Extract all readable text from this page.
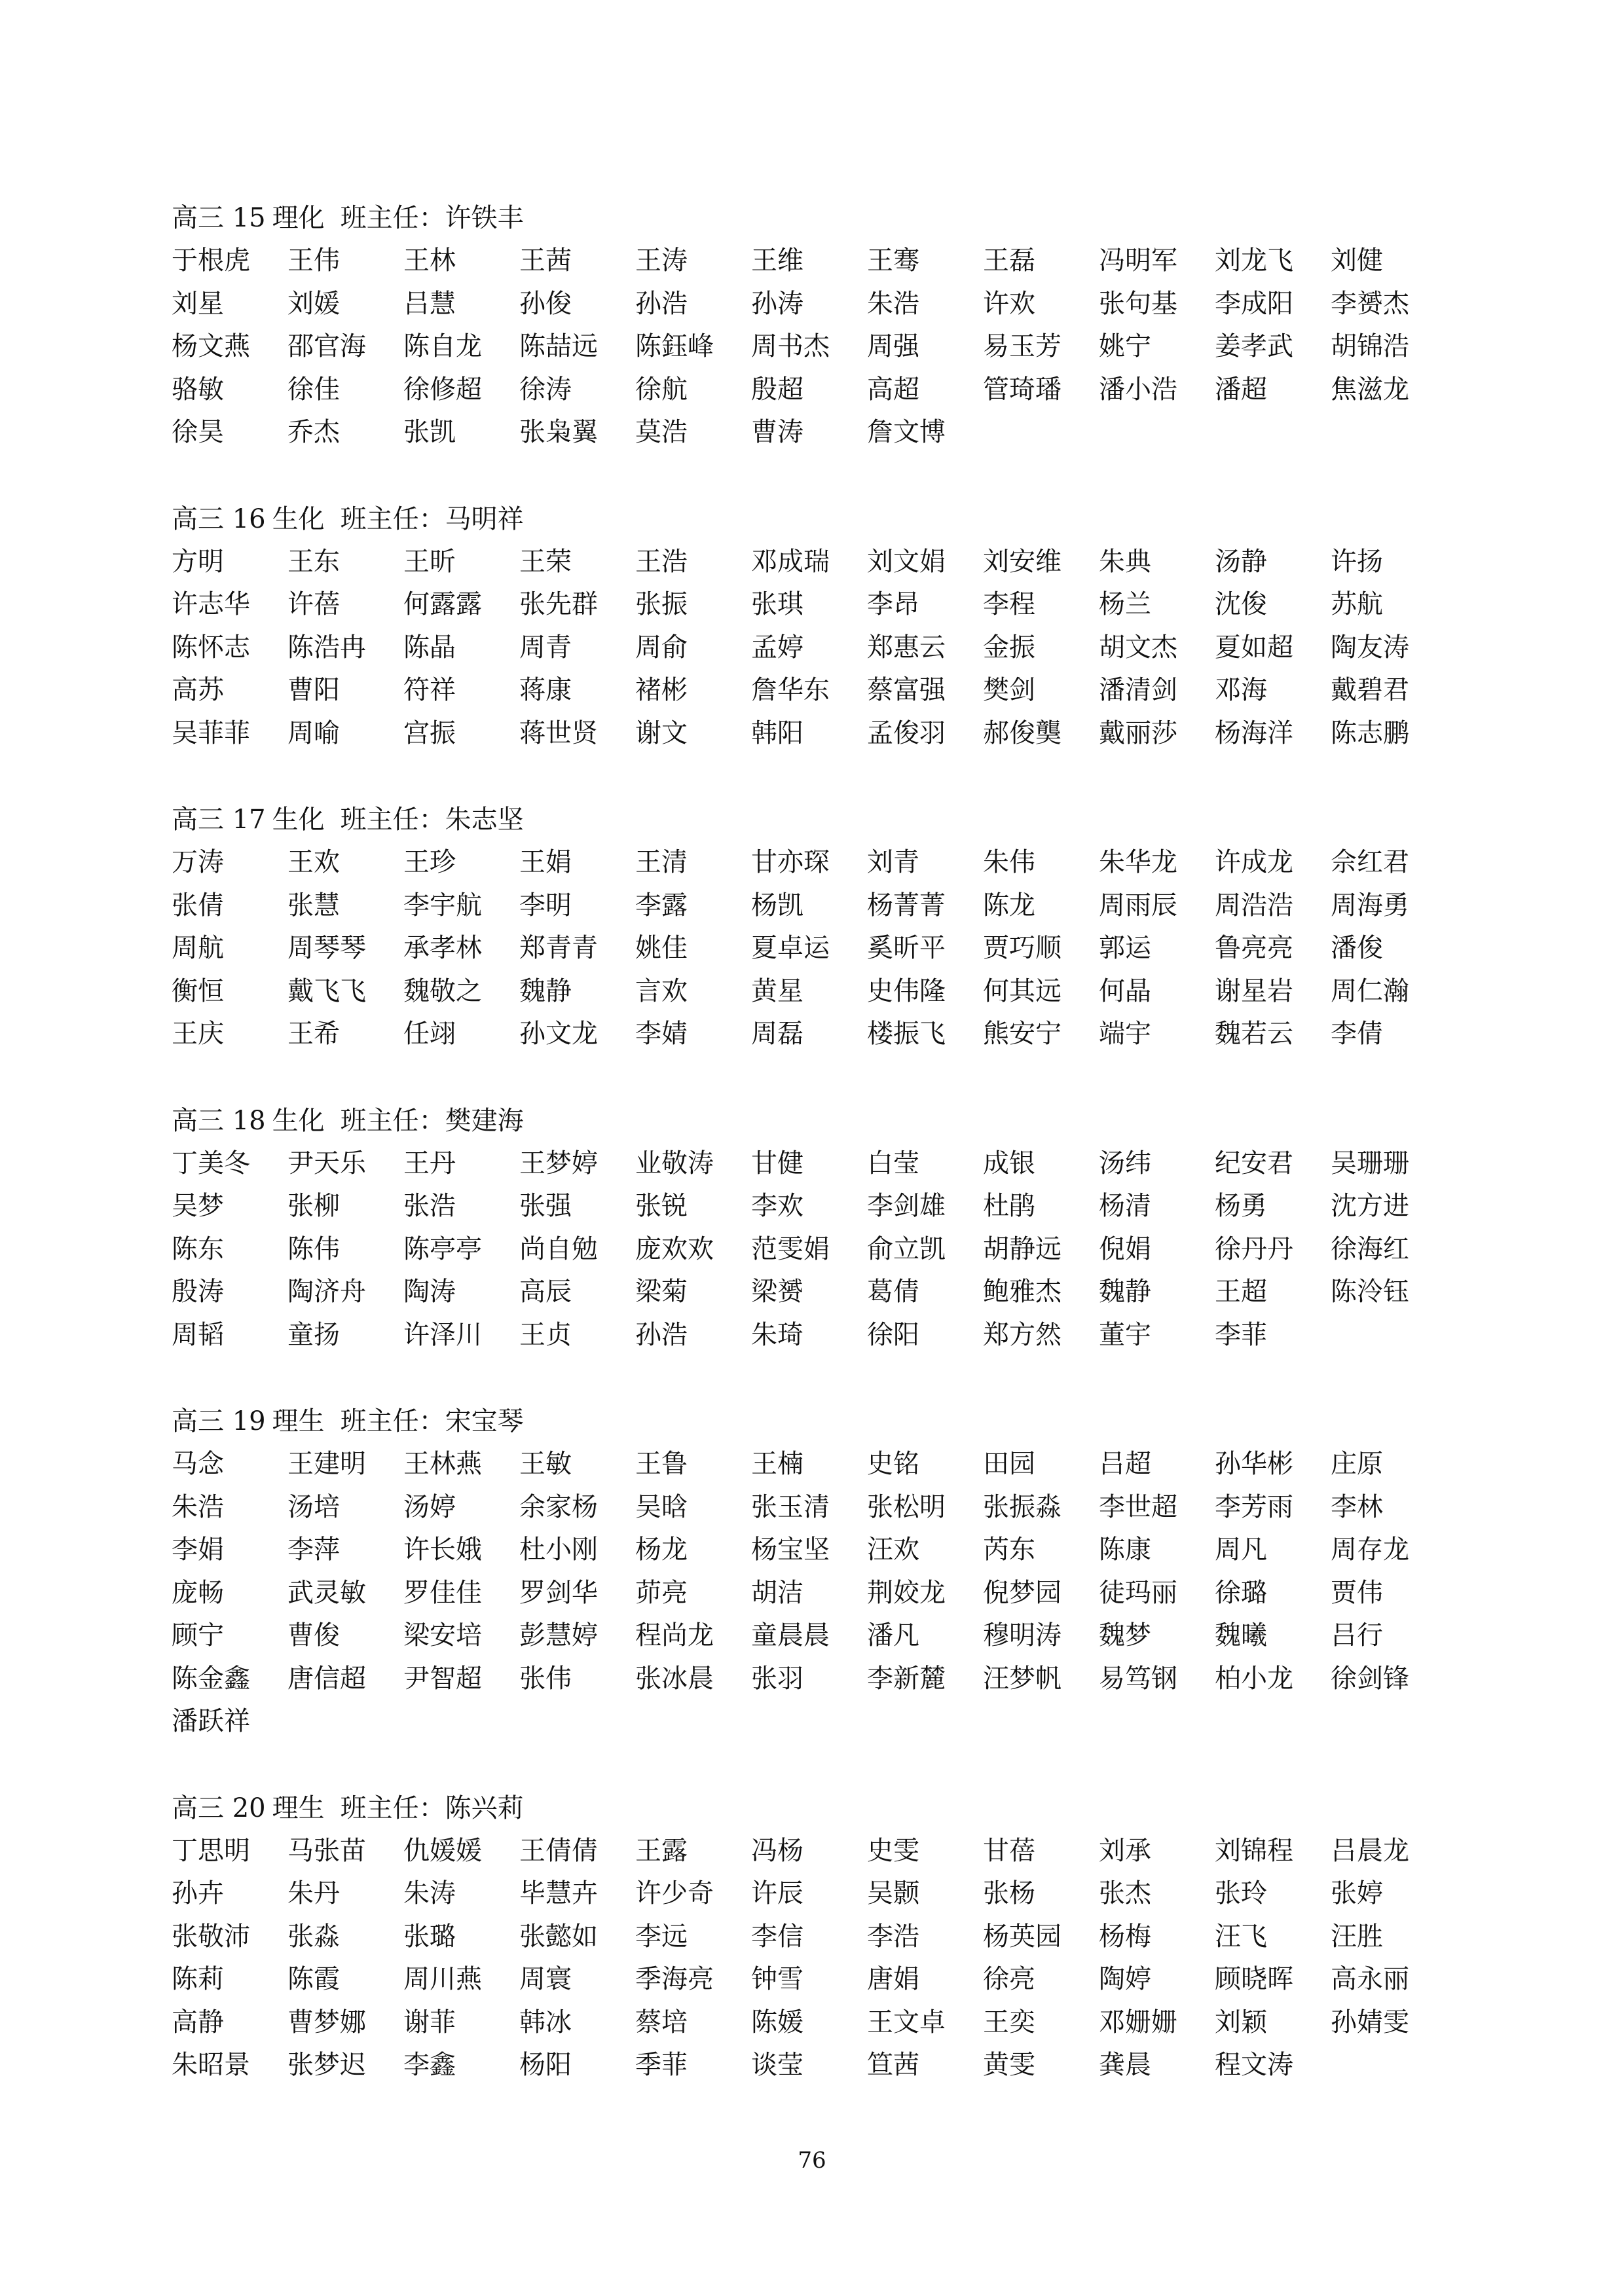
高三 15 理化 班主任：许铁丰
于根虎	王伟	王林	王茜	王涛	王维	王骞	王磊	冯明军	刘龙飞	刘健
刘星	刘媛	吕慧	孙俊	孙浩	孙涛	朱浩	许欢	张句基	李成阳	李赟杰
杨文燕	邵官海	陈自龙	陈喆远	陈鈺峰	周书杰	周强	易玉芳	姚宁	姜孝武	胡锦浩
骆敏	徐佳	徐修超	徐涛	徐航	殷超	高超	管琦璠	潘小浩	潘超	焦滋龙
徐昊	乔杰	张凯	张枭翼	莫浩	曹涛	詹文博
高三 16 生化 班主任：马明祥
方明	王东	王昕	王荣	王浩	邓成瑞	刘文娟	刘安维	朱典	汤静	许扬
许志华	许蓓	何露露	张先群	张振	张琪	李昂	李程	杨兰	沈俊	苏航
陈怀志	陈浩冉	陈晶	周青	周俞	孟婷	郑惠云	金振	胡文杰	夏如超	陶友涛
高苏	曹阳	符祥	蒋康	褚彬	詹华东	蔡富强	樊剑	潘清剑	邓海	戴碧君
吴菲菲	周喻	宫振	蒋世贤	谢文	韩阳	孟俊羽	郝俊龑	戴丽莎	杨海洋	陈志鹏
高三 17 生化 班主任：朱志坚
万涛	王欢	王珍	王娟	王清	甘亦琛	刘青	朱伟	朱华龙	许成龙	佘红君
张倩	张慧	李宇航	李明	李露	杨凯	杨菁菁	陈龙	周雨辰	周浩浩	周海勇
周航	周琴琴	承孝林	郑青青	姚佳	夏卓运	奚昕平	贾巧顺	郭运	鲁亮亮	潘俊
衡恒	戴飞飞	魏敬之	魏静	言欢	黄星	史伟隆	何其远	何晶	谢星岩	周仁瀚
王庆	王希	任翊	孙文龙	李婧	周磊	楼振飞	熊安宁	端宇	魏若云	李倩
高三 18 生化 班主任：樊建海
丁美冬	尹天乐	王丹	王梦婷	业敬涛	甘健	白莹	成银	汤纬	纪安君	吴珊珊
吴梦	张柳	张浩	张强	张锐	李欢	李剑雄	杜鹃	杨清	杨勇	沈方进
陈东	陈伟	陈亭亭	尚自勉	庞欢欢	范雯娟	俞立凯	胡静远	倪娟	徐丹丹	徐海红
殷涛	陶济舟	陶涛	高辰	梁菊	梁赟	葛倩	鲍雅杰	魏静	王超	陈泠钰
周韬	童扬	许泽川	王贞	孙浩	朱琦	徐阳	郑方然	董宇	李菲
高三 19 理生 班主任：宋宝琴
马念	王建明	王林燕	王敏	王鲁	王楠	史铭	田园	吕超	孙华彬	庄原
朱浩	汤培	汤婷	余家杨	吴晗	张玉清	张松明	张振淼	李世超	李芳雨	李林
李娟	李萍	许长娥	杜小刚	杨龙	杨宝坚	汪欢	芮东	陈康	周凡	周存龙
庞畅	武灵敏	罗佳佳	罗剑华	茆亮	胡洁	荆姣龙	倪梦园	徒玛丽	徐璐	贾伟
顾宁	曹俊	梁安培	彭慧婷	程尚龙	童晨晨	潘凡	穆明涛	魏梦	魏曦	吕行
陈金鑫	唐信超	尹智超	张伟	张冰晨	张羽	李新麓	汪梦帆	易笃钢	柏小龙	徐剑锋
潘跃祥
高三 20 理生 班主任：陈兴莉
丁思明	马张苗	仇媛媛	王倩倩	王露	冯杨	史雯	甘蓓	刘承	刘锦程	吕晨龙
孙卉	朱丹	朱涛	毕慧卉	许少奇	许辰	吴颢	张杨	张杰	张玲	张婷
张敬沛	张淼	张璐	张懿如	李远	李信	李浩	杨英园	杨梅	汪飞	汪胜
陈莉	陈霞	周川燕	周寰	季海亮	钟雪	唐娟	徐亮	陶婷	顾晓晖	高永丽
高静	曹梦娜	谢菲	韩冰	蔡培	陈媛	王文卓	王奕	邓姗姗	刘颖	孙婧雯
朱昭景	张梦迟	李鑫	杨阳	季菲	谈莹	笪茜	黄雯	龚晨	程文涛
76
